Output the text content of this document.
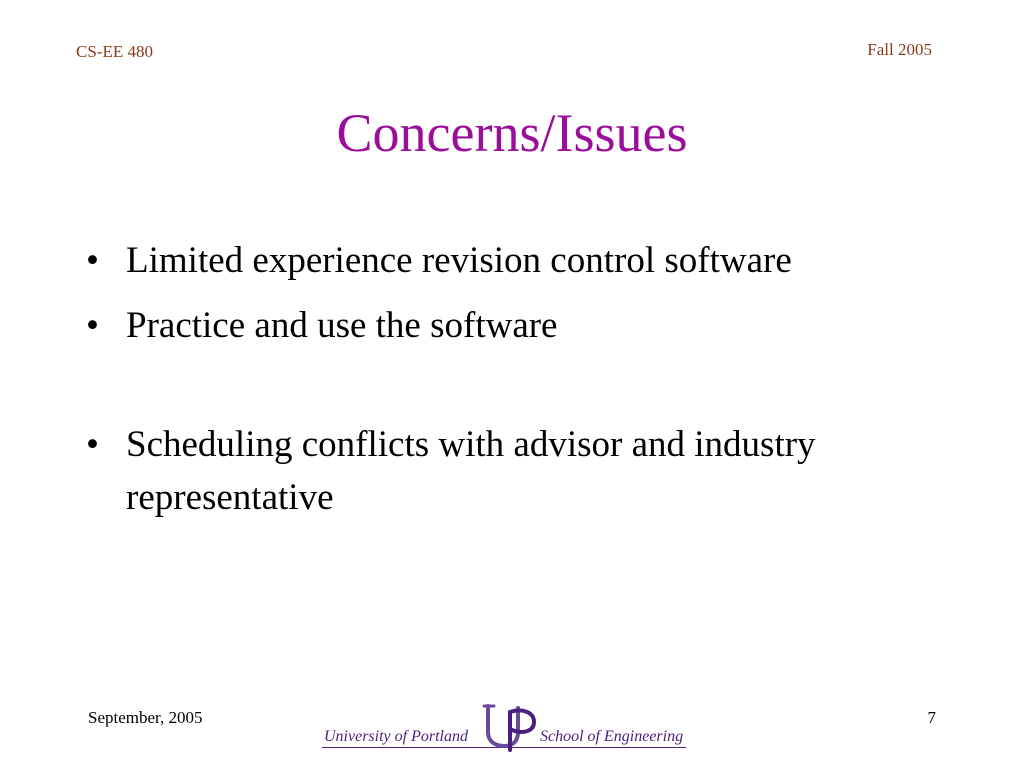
CS-EE 480	Fall 2005
Concerns/Issues
• Limited experience revision control software
• Practice and use the software
• Scheduling conflicts with advisor and industry representative
September, 2005	7
University of Portland	School of Engineering
